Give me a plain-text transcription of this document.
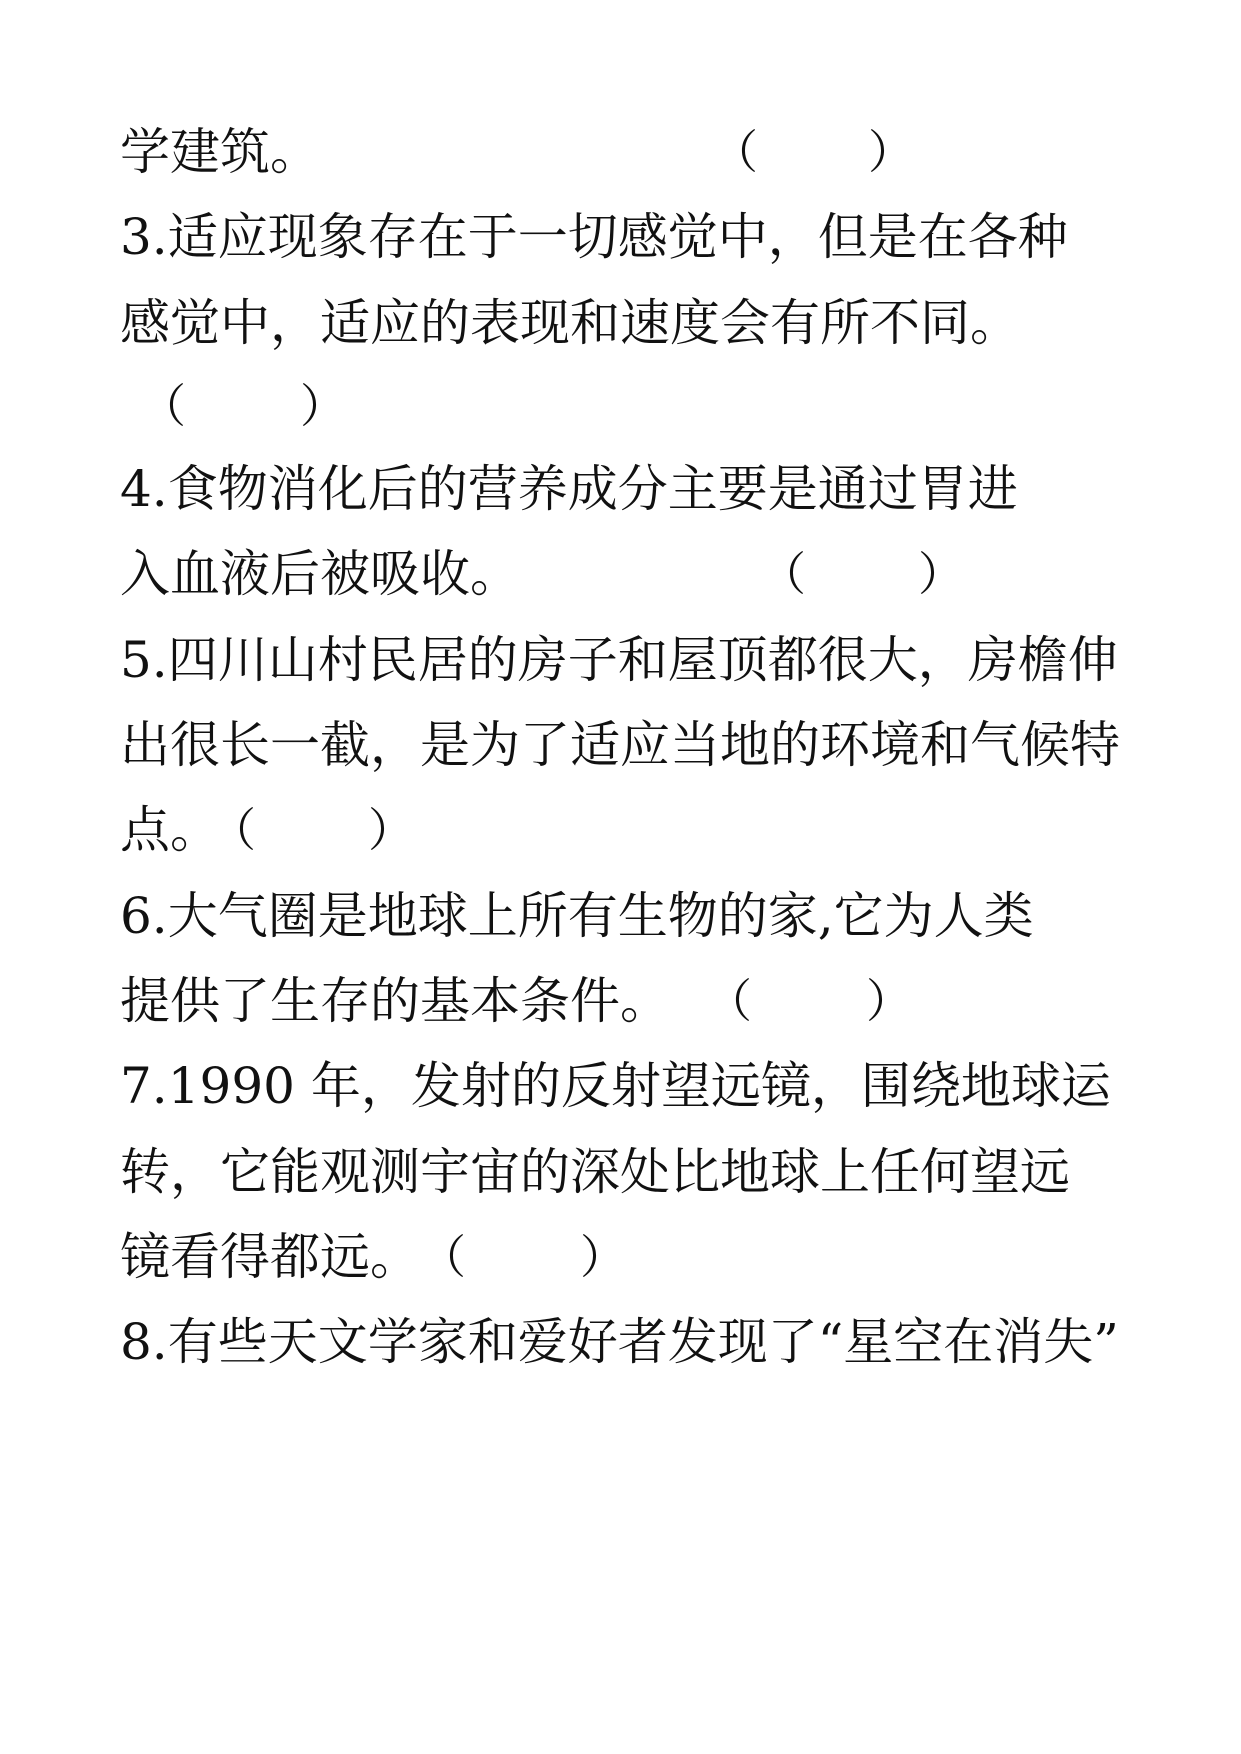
学建筑。	（ ）
3.适应现象存在于一切感觉中，但是在各种
感觉中，适应的表现和速度会有所不同。
（ ）
4.食物消化后的营养成分主要是通过胃进
入血液后被吸收。	（ ）
5.四川山村民居的房子和屋顶都很大，房檐伸
出很长一截，是为了适应当地的环境和气候特
点。
（ ）
6.大气圈是地球上所有生物的家,它为人类
提供了生存的基本条件。 （ ）
7.1990 年，发射的反射望远镜，围绕地球运
转，它能观测宇宙的深处比地球上任何望远
镜看得都远。 （ ）
8.有些天文学家和爱好者发现了“星空在消失”
